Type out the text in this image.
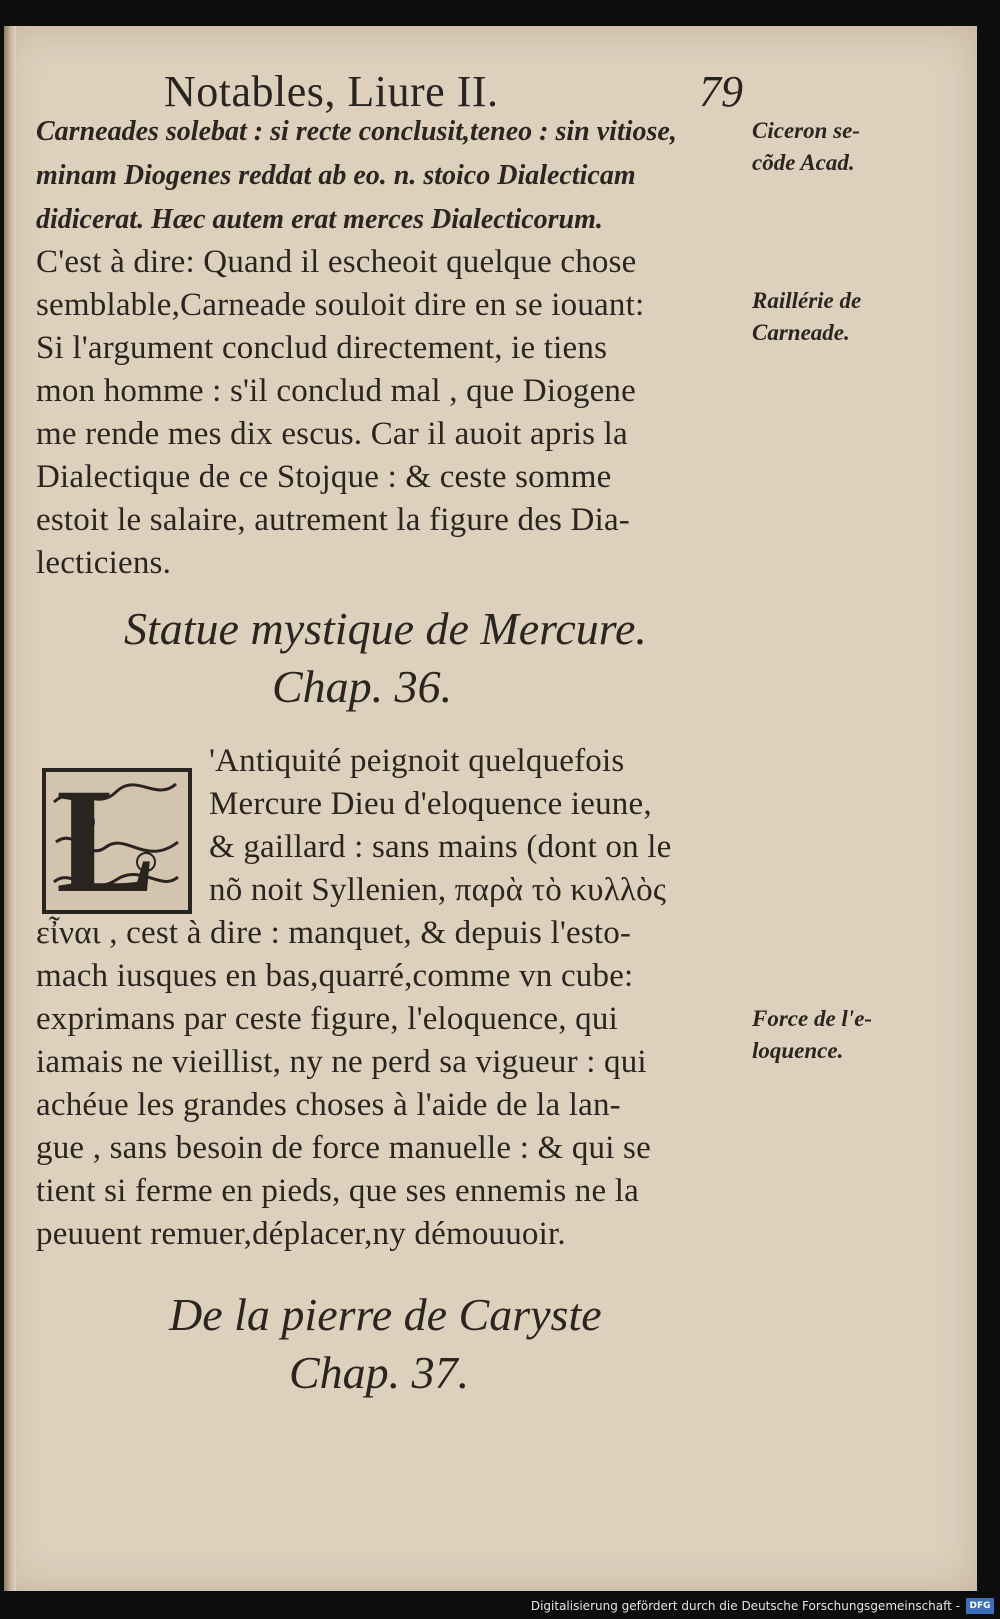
Notables, Liure II.	79
Carneades solebat : si recte conclusit,teneo : sin vitiose,
minam Diogenes reddat ab eo. n. stoico Dialecticam
didicerat. Hæc autem erat merces Dialecticorum.
C'est à dire: Quand il escheoit quelque chose
semblable,Carneade souloit dire en se iouant:
Si l'argument conclud directement, ie tiens
mon homme : s'il conclud mal , que Diogene
me rende mes dix escus. Car il auoit apris la
Dialectique de ce Stojque : & ceste somme
estoit le salaire, autrement la figure des Dia-
lecticiens.
Ciceron se-
cõde Acad.
Raillérie de
Carneade.
Statue mystique de Mercure.
Chap. 36.
L 'Antiquité peignoit quelquefois
Mercure Dieu d'eloquence ieune,
& gaillard : sans mains (dont on le
nõ noit Syllenien, παρὰ τὸ κυλλὸς
εἶναι , cest à dire : manquet, & depuis l'esto-
mach iusques en bas,quarré,comme vn cube:
exprimans par ceste figure, l'eloquence, qui
iamais ne vieillist, ny ne perd sa vigueur : qui
achéue les grandes choses à l'aide de la lan-
gue , sans besoin de force manuelle : & qui se
tient si ferme en pieds, que ses ennemis ne la
peuuent remuer,déplacer,ny démouuoir.
Force de l'e-
loquence.
De la pierre de Caryste
Chap. 37.
Digitalisierung gefördert durch die Deutsche Forschungsgemeinschaft -	DFG
